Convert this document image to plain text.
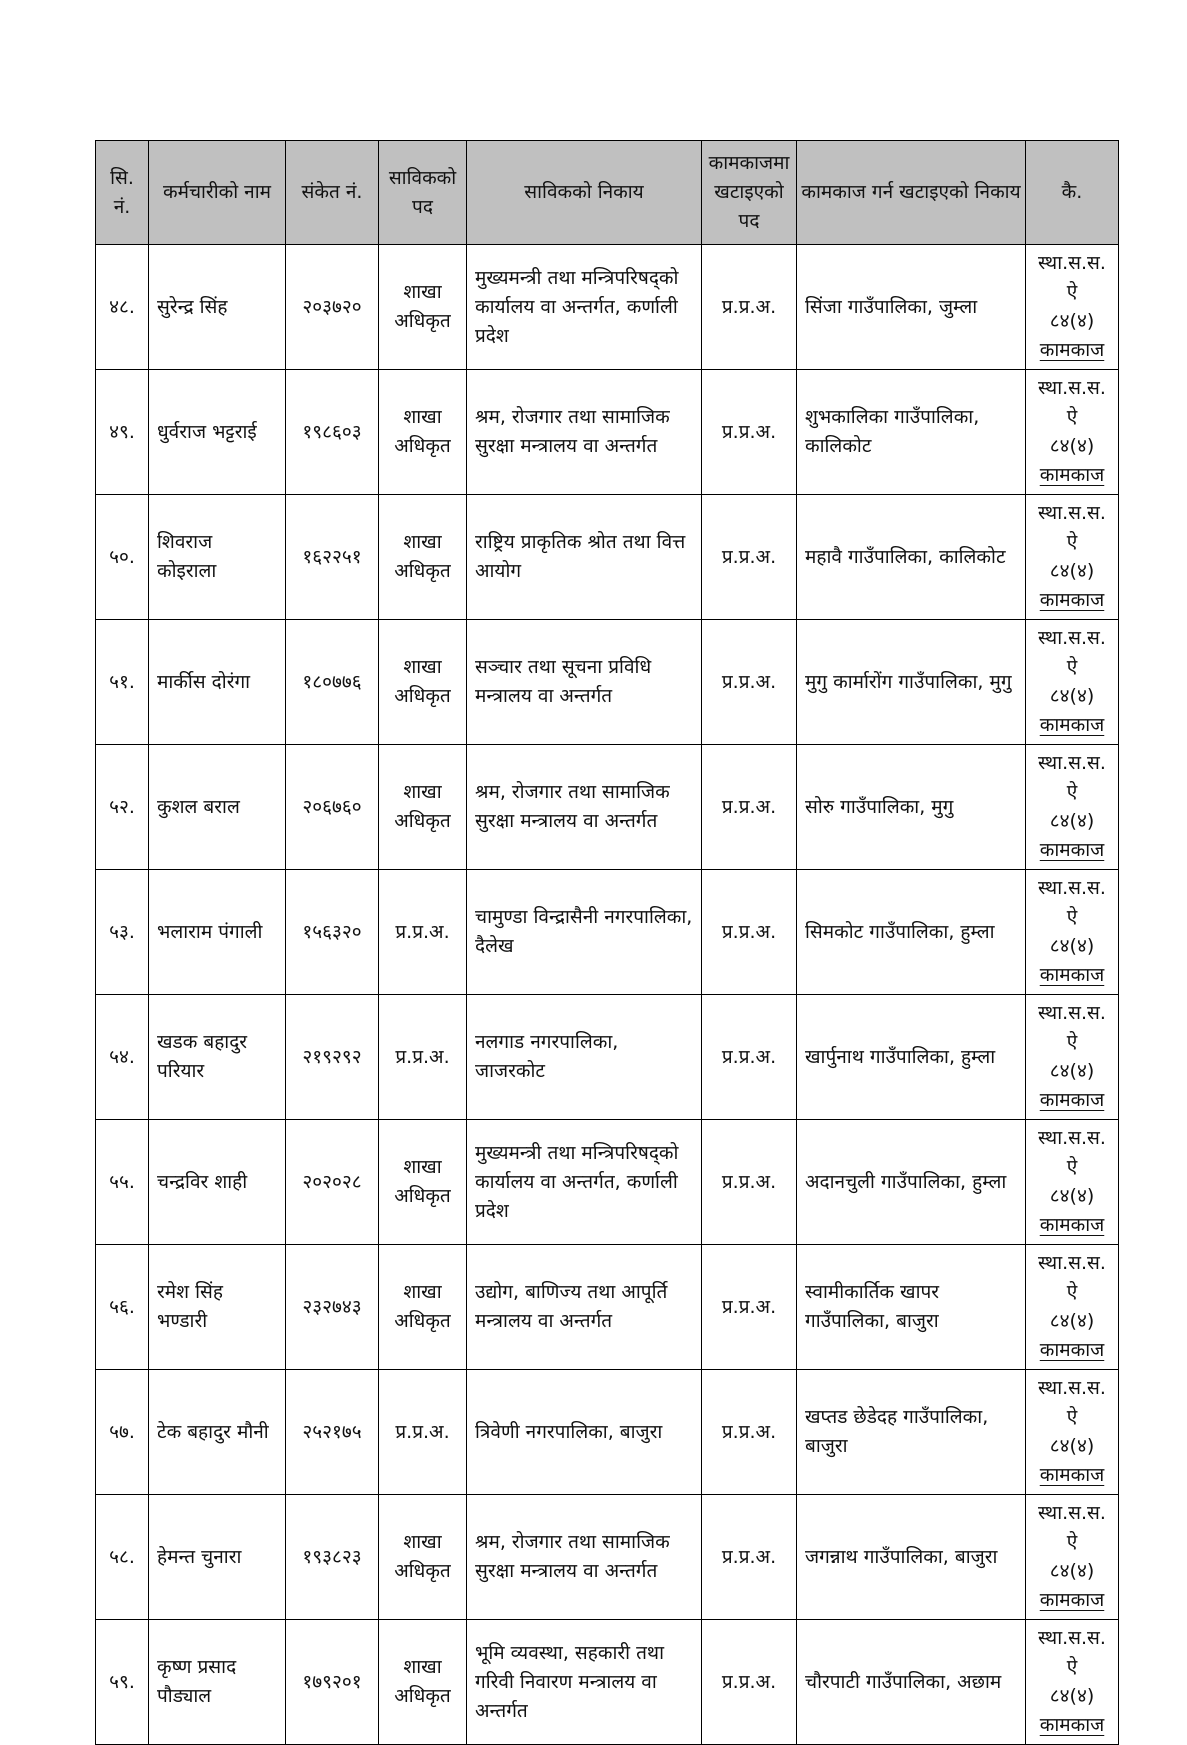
सि. नं.	कर्मचारीको नाम	संकेत नं.	साविकको पद	साविकको निकाय	कामकाजमा खटाइएको पद	कामकाज गर्न खटाइएको निकाय	कै.
४८.	सुरेन्द्र सिंह	२०३७२०	शाखा अधिकृत	मुख्यमन्त्री तथा मन्त्रिपरिषद्को कार्यालय वा अन्तर्गत, कर्णाली प्रदेश	प्र.प्र.अ.	सिंजा गाउँपालिका, जुम्ला	स्था.स.स.ऐ
८४(४)
कामकाज

४९.	धुर्वराज भट्टराई	१९८६०३	शाखा अधिकृत	श्रम, रोजगार तथा सामाजिक सुरक्षा मन्त्रालय वा अन्तर्गत	प्र.प्र.अ.	शुभकालिका गाउँपालिका, कालिकोट	स्था.स.स.ऐ
८४(४)
कामकाज

५०.	शिवराज कोइराला	१६२२५१	शाखा अधिकृत	राष्ट्रिय प्राकृतिक श्रोत तथा वित्त आयोग	प्र.प्र.अ.	महावै गाउँपालिका, कालिकोट	स्था.स.स.ऐ
८४(४)
कामकाज

५१.	मार्कीस दोरंगा	१८०७७६	शाखा अधिकृत	सञ्चार तथा सूचना प्रविधि मन्त्रालय वा अन्तर्गत	प्र.प्र.अ.	मुगु कार्मारोंग गाउँपालिका, मुगु	स्था.स.स.ऐ
८४(४)
कामकाज

५२.	कुशल बराल	२०६७६०	शाखा अधिकृत	श्रम, रोजगार तथा सामाजिक सुरक्षा मन्त्रालय वा अन्तर्गत	प्र.प्र.अ.	सोरु गाउँपालिका, मुगु	स्था.स.स.ऐ
८४(४)
कामकाज

५३.	भलाराम पंगाली	१५६३२०	प्र.प्र.अ.	चामुण्डा विन्द्रासैनी नगरपालिका, दैलेख	प्र.प्र.अ.	सिमकोट गाउँपालिका, हुम्ला	स्था.स.स.ऐ
८४(४)
कामकाज

५४.	खडक बहादुर परियार	२१९२९२	प्र.प्र.अ.	नलगाड नगरपालिका, जाजरकोट	प्र.प्र.अ.	खार्पुनाथ गाउँपालिका, हुम्ला	स्था.स.स.ऐ
८४(४)
कामकाज

५५.	चन्द्रविर शाही	२०२०२८	शाखा अधिकृत	मुख्यमन्त्री तथा मन्त्रिपरिषद्को कार्यालय वा अन्तर्गत, कर्णाली प्रदेश	प्र.प्र.अ.	अदानचुली गाउँपालिका, हुम्ला	स्था.स.स.ऐ
८४(४)
कामकाज

५६.	रमेश सिंह भण्डारी	२३२७४३	शाखा अधिकृत	उद्योग, बाणिज्य तथा आपूर्ति मन्त्रालय वा अन्तर्गत	प्र.प्र.अ.	स्वामीकार्तिक खापर गाउँपालिका, बाजुरा	स्था.स.स.ऐ
८४(४)
कामकाज

५७.	टेक बहादुर मौनी	२५२१७५	प्र.प्र.अ.	त्रिवेणी नगरपालिका, बाजुरा	प्र.प्र.अ.	खप्तड छेडेदह गाउँपालिका, बाजुरा	स्था.स.स.ऐ
८४(४)
कामकाज

५८.	हेमन्त चुनारा	१९३८२३	शाखा अधिकृत	श्रम, रोजगार तथा सामाजिक सुरक्षा मन्त्रालय वा अन्तर्गत	प्र.प्र.अ.	जगन्नाथ गाउँपालिका, बाजुरा	स्था.स.स.ऐ
८४(४)
कामकाज

५९.	कृष्ण प्रसाद पौड्याल	१७९२०१	शाखा अधिकृत	भूमि व्यवस्था, सहकारी तथा गरिवी निवारण मन्त्रालय वा अन्तर्गत	प्र.प्र.अ.	चौरपाटी गाउँपालिका, अछाम	स्था.स.स.ऐ
८४(४)
कामकाज
